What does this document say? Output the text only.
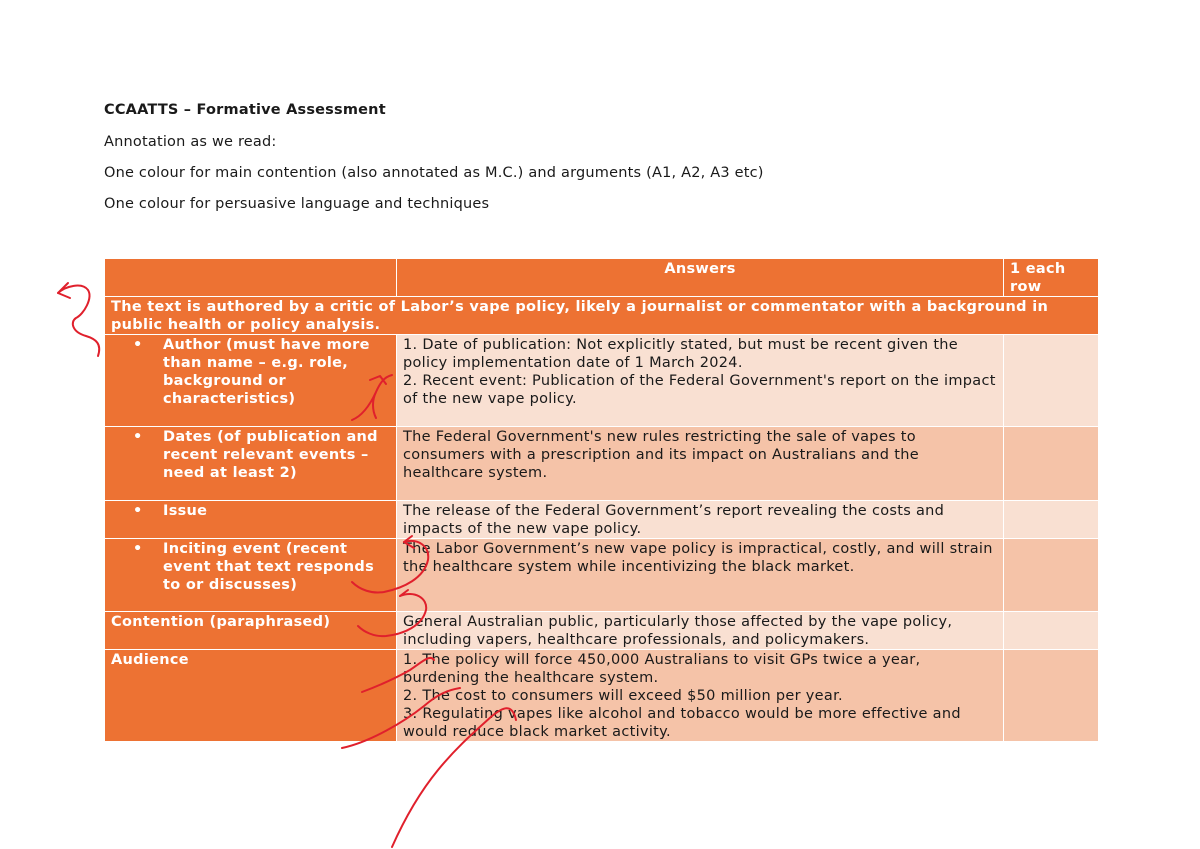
CCAATTS – Formative Assessment
Annotation as we read:
One colour for main contention (also annotated as M.C.) and arguments (A1, A2, A3 etc)
One colour for persuasive language and techniques
	Answers	1 each row
The text is authored by a critic of Labor’s vape policy, likely a journalist or commentator with a background in public health or policy analysis.		

• Author (must have more than name – e.g. role, background or characteristics)	1. Date of publication: Not explicitly stated, but must be recent given the policy implementation date of 1 March 2024.
2. Recent event: Publication of the Federal Government's report on the impact of the new vape policy.	

• Dates (of publication and recent relevant events – need at least 2)	The Federal Government's new rules restricting the sale of vapes to consumers with a prescription and its impact on Australians and the healthcare system.	

• Issue	The release of the Federal Government’s report revealing the costs and impacts of the new vape policy.	

• Inciting event (recent event that text responds to or discusses)	The Labor Government’s new vape policy is impractical, costly, and will strain the healthcare system while incentivizing the black market.	

Contention (paraphrased)	General Australian public, particularly those affected by the vape policy, including vapers, healthcare professionals, and policymakers.	

Audience	1. The policy will force 450,000 Australians to visit GPs twice a year, burdening the healthcare system.
2. The cost to consumers will exceed $50 million per year.
3. Regulating vapes like alcohol and tobacco would be more effective and would reduce black market activity.	
